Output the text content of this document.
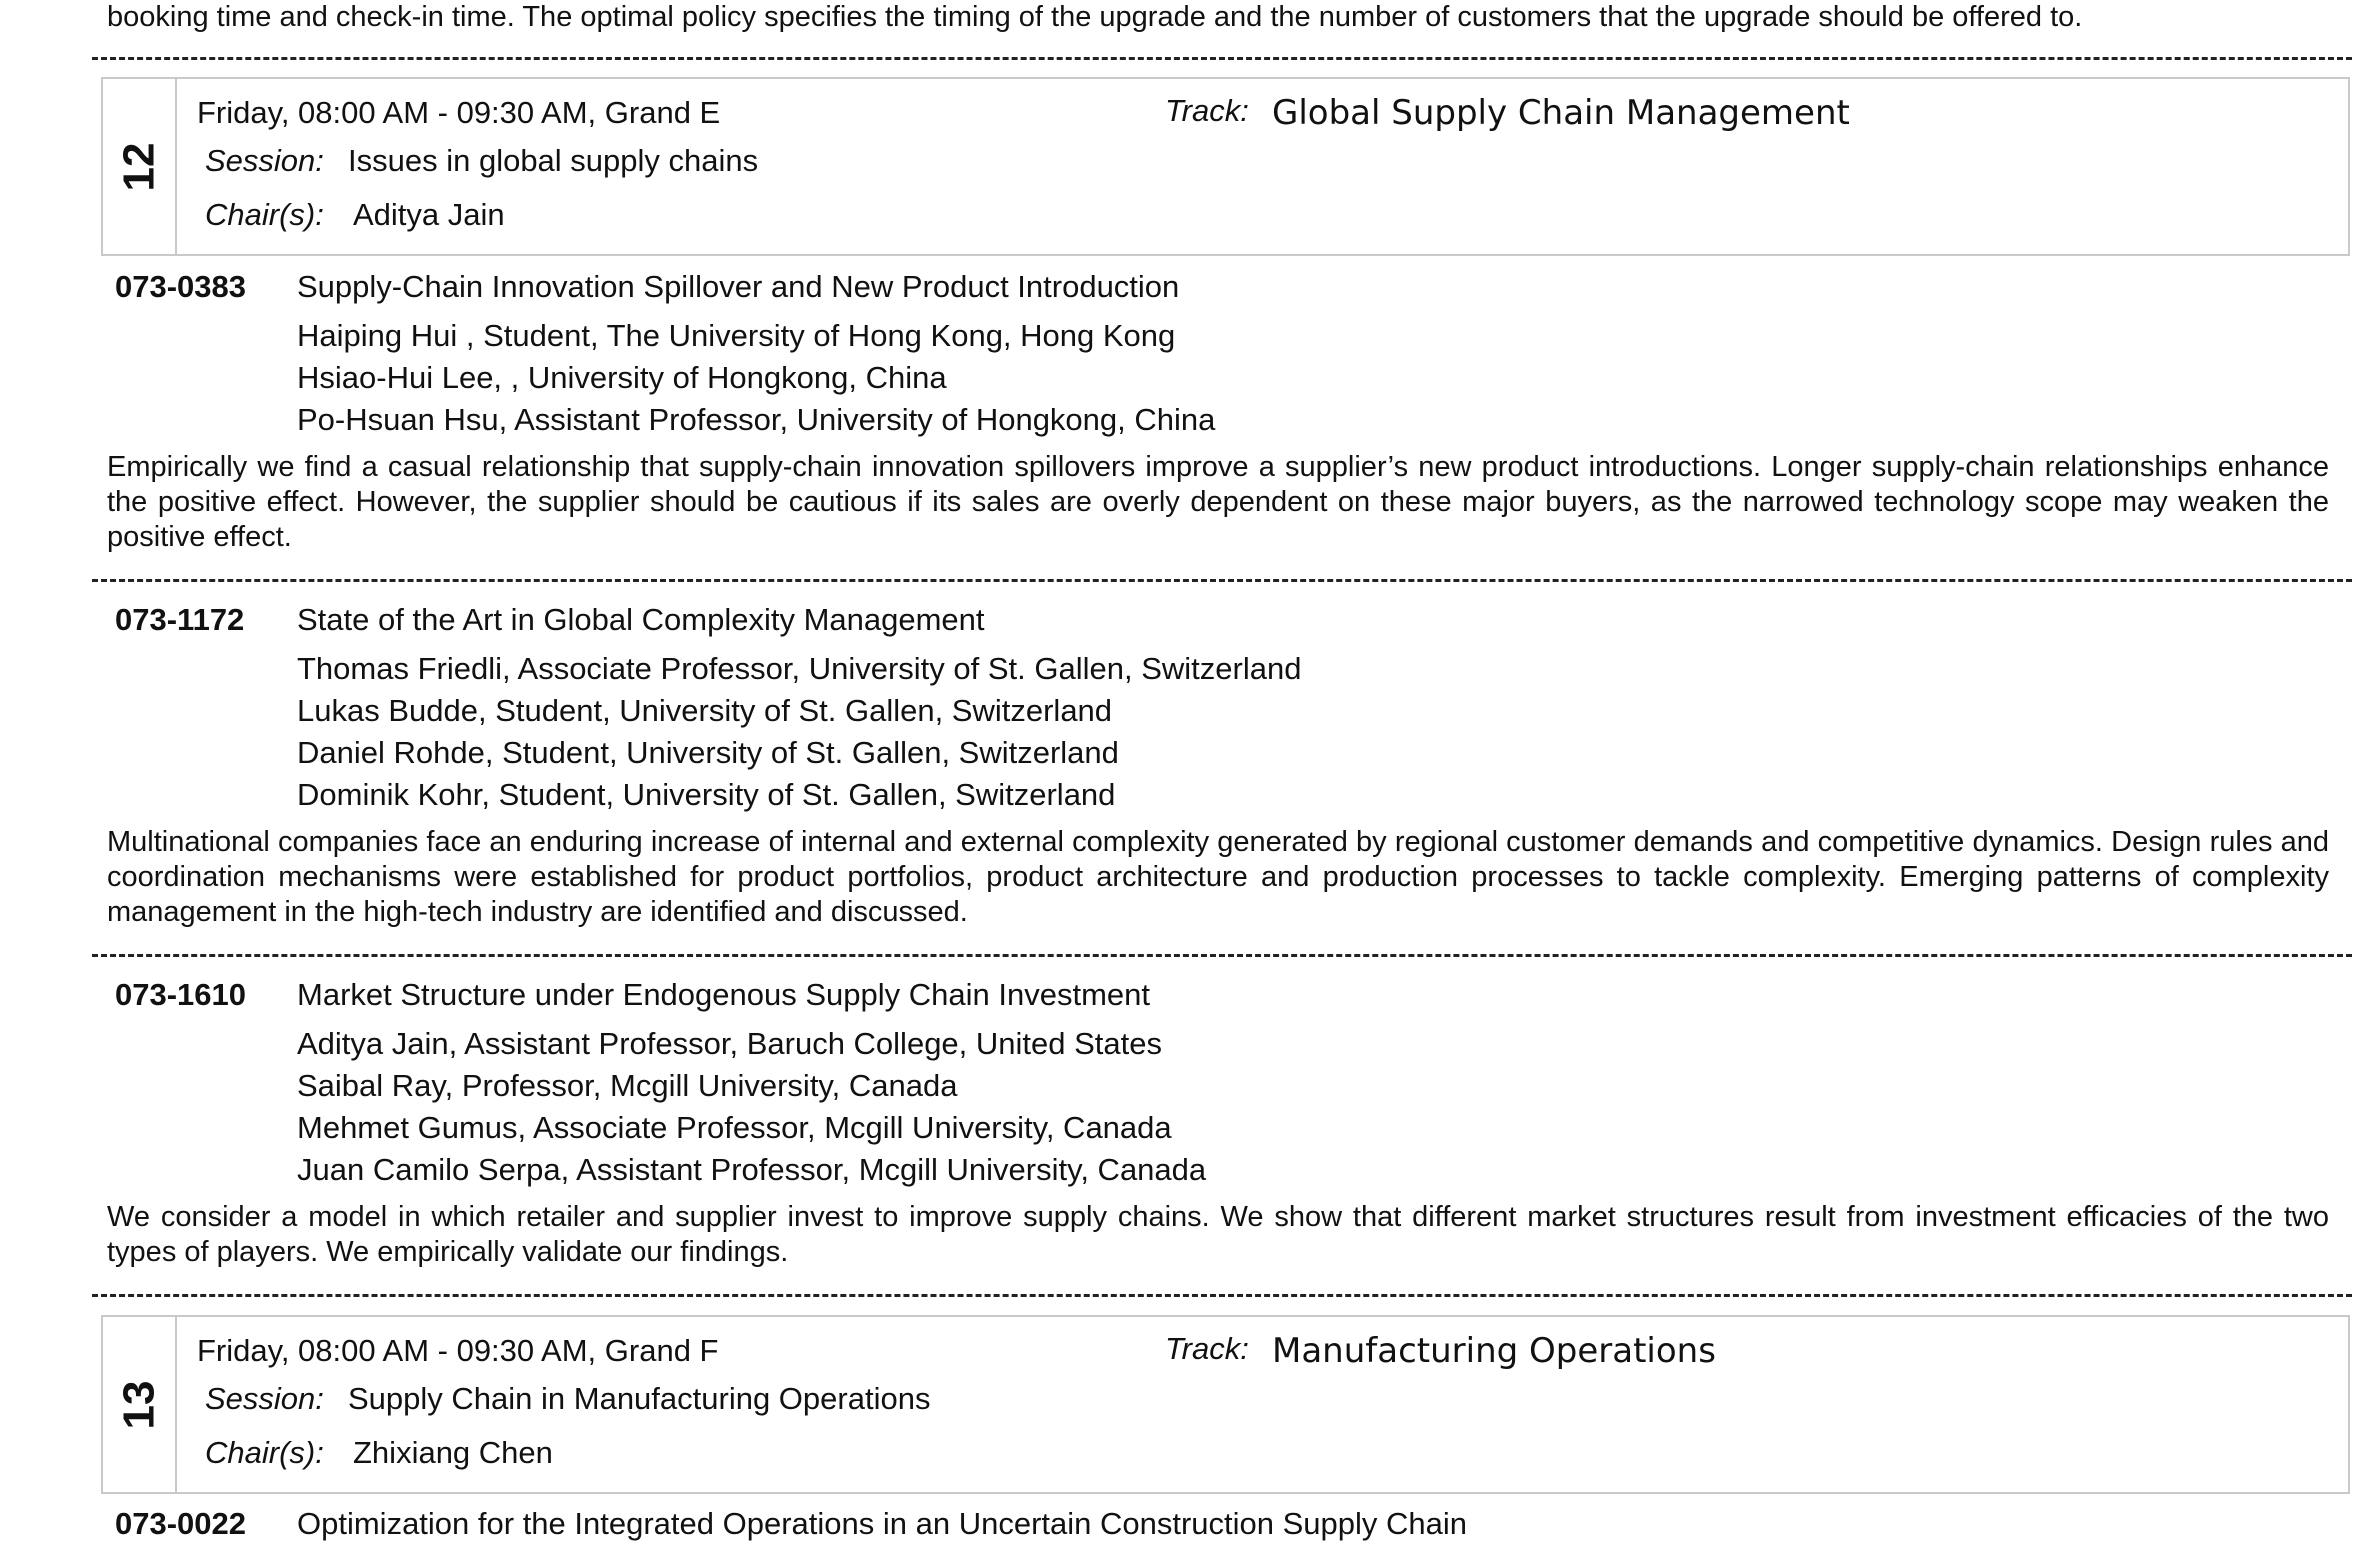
booking time and check-in time. The optimal policy specifies the timing of the upgrade and the number of customers that the upgrade should be offered to.
12
Friday, 08:00 AM - 09:30 AM, Grand E	Track: Global Supply Chain Management
Session: Issues in global supply chains
Chair(s): Aditya Jain
073-0383 Supply-Chain Innovation Spillover and New Product Introduction
Haiping Hui , Student, The University of Hong Kong, Hong Kong
Hsiao-Hui Lee, , University of Hongkong, China
Po-Hsuan Hsu, Assistant Professor, University of Hongkong, China
Empirically we find a casual relationship that supply-chain innovation spillovers improve a supplier’s new product introductions. Longer supply-chain relationships enhance the positive effect. However, the supplier should be cautious if its sales are overly dependent on these major buyers, as the narrowed technology scope may weaken the positive effect.
073-1172 State of the Art in Global Complexity Management
Thomas Friedli, Associate Professor, University of St. Gallen, Switzerland
Lukas Budde, Student, University of St. Gallen, Switzerland
Daniel Rohde, Student, University of St. Gallen, Switzerland
Dominik Kohr, Student, University of St. Gallen, Switzerland
Multinational companies face an enduring increase of internal and external complexity generated by regional customer demands and competitive dynamics. Design rules and coordination mechanisms were established for product portfolios, product architecture and production processes to tackle complexity. Emerging patterns of complexity management in the high-tech industry are identified and discussed.
073-1610 Market Structure under Endogenous Supply Chain Investment
Aditya Jain, Assistant Professor, Baruch College, United States
Saibal Ray, Professor, Mcgill University, Canada
Mehmet Gumus, Associate Professor, Mcgill University, Canada
Juan Camilo Serpa, Assistant Professor, Mcgill University, Canada
We consider a model in which retailer and supplier invest to improve supply chains. We show that different market structures result from investment efficacies of the two types of players. We empirically validate our findings.
13
Friday, 08:00 AM - 09:30 AM, Grand F	Track: Manufacturing Operations
Session: Supply Chain in Manufacturing Operations
Chair(s): Zhixiang Chen
073-0022 Optimization for the Integrated Operations in an Uncertain Construction Supply Chain
